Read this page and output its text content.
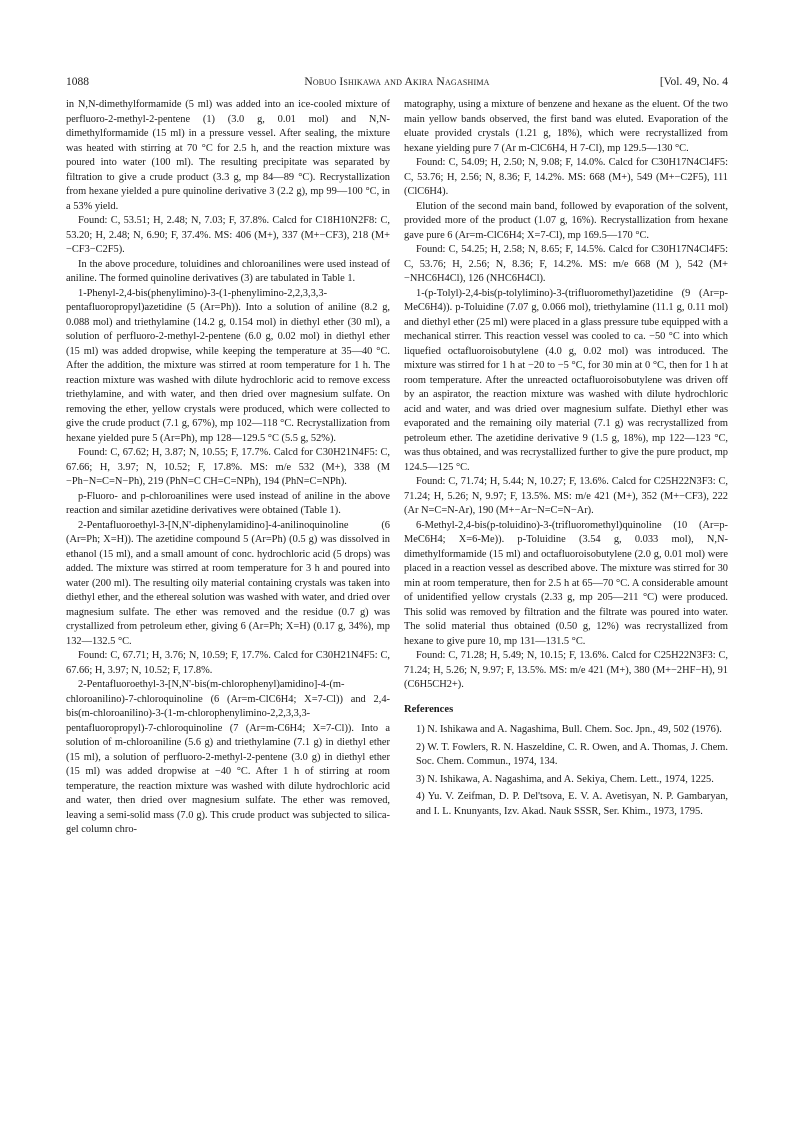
1088	Nobuo Ishikawa and Akira Nagashima	[Vol. 49, No. 4

in N,N-dimethylformamide (5 ml) was added into an ice-cooled mixture of perfluoro-2-methyl-2-pentene (1) (3.0 g, 0.01 mol) and N,N-dimethylformamide (15 ml) in a pressure vessel. After sealing, the mixture was heated with stirring at 70 °C for 2.5 h, and the reaction mixture was poured into water (100 ml). The resulting precipitate was separated by filtration to give a crude product (3.3 g, mp 84—89 °C). Recrystallization from hexane yielded a pure quinoline derivative 3 (2.2 g), mp 99—100 °C, in a 53% yield.

Found: C, 53.51; H, 2.48; N, 7.03; F, 37.8%. Calcd for C18H10N2F8: C, 53.20; H, 2.48; N, 6.90; F, 37.4%. MS: 406 (M+), 337 (M+−CF3), 218 (M+−CF3−C2F5).

In the above procedure, toluidines and chloroanilines were used instead of aniline. The formed quinoline derivatives (3) are tabulated in Table 1.

1-Phenyl-2,4-bis(phenylimino)-3-(1-phenylimino-2,2,3,3,3-pentafluoropropyl)azetidine (5 (Ar=Ph)). Into a solution of aniline (8.2 g, 0.088 mol) and triethylamine (14.2 g, 0.154 mol) in diethyl ether (30 ml), a solution of perfluoro-2-methyl-2-pentene (6.0 g, 0.02 mol) in diethyl ether (15 ml) was added dropwise, while keeping the temperature at 35—40 °C. After the addition, the mixture was stirred at room temperature for 1 h. The reaction mixture was washed with dilute hydrochloric acid to remove excess triethylamine, and with water, and then dried over magnesium sulfate. On removing the ether, yellow crystals were produced, which were collected to give the crude product (7.1 g, 67%), mp 102—118 °C. Recrystallization from hexane yielded pure 5 (Ar=Ph), mp 128—129.5 °C (5.5 g, 52%).

Found: C, 67.62; H, 3.87; N, 10.55; F, 17.7%. Calcd for C30H21N4F5: C, 67.66; H, 3.97; N, 10.52; F, 17.8%. MS: m/e 532 (M+), 338 (M −Ph−N=C=N−Ph), 219 (PhN=C CH=C=NPh), 194 (PhN=C=NPh).

p-Fluoro- and p-chloroanilines were used instead of aniline in the above reaction and similar azetidine derivatives were obtained (Table 1).

2-Pentafluoroethyl-3-[N,N'-diphenylamidino]-4-anilinoquinoline (6 (Ar=Ph; X=H)). The azetidine compound 5 (Ar=Ph) (0.5 g) was dissolved in ethanol (15 ml), and a small amount of conc. hydrochloric acid (5 drops) was added. The mixture was stirred at room temperature for 3 h and poured into water (200 ml). The resulting oily material containing crystals was taken into diethyl ether, and the ethereal solution was washed with water, and dried over magnesium sulfate. The ether was removed and the residue (0.7 g) was crystallized from petroleum ether, giving 6 (Ar=Ph; X=H) (0.17 g, 34%), mp 132—132.5 °C.

Found: C, 67.71; H, 3.76; N, 10.59; F, 17.7%. Calcd for C30H21N4F5: C, 67.66; H, 3.97; N, 10.52; F, 17.8%.

2-Pentafluoroethyl-3-[N,N'-bis(m-chlorophenyl)amidino]-4-(m-chloroanilino)-7-chloroquinoline (6 (Ar=m-ClC6H4; X=7-Cl)) and 2,4-bis(m-chloroanilino)-3-(1-m-chlorophenylimino-2,2,3,3,3-pentafluoropropyl)-7-chloroquinoline (7 (Ar=m-C6H4; X=7-Cl)). Into a solution of m-chloroaniline (5.6 g) and triethylamine (7.1 g) in diethyl ether (15 ml), a solution of perfluoro-2-methyl-2-pentene (3.0 g) in diethyl ether (15 ml) was added dropwise at −40 °C. After 1 h of stirring at room temperature, the reaction mixture was washed with dilute hydrochloric acid and water, then dried over magnesium sulfate. The ether was removed, leaving a semi-solid mass (7.0 g). This crude product was subjected to silica-gel column chro-

matography, using a mixture of benzene and hexane as the eluent. Of the two main yellow bands observed, the first band was eluted. Evaporation of the eluate provided crystals (1.21 g, 18%), which were recrystallized from hexane yielding pure 7 (Ar m-ClC6H4, H 7-Cl), mp 129.5—130 °C.

Found: C, 54.09; H, 2.50; N, 9.08; F, 14.0%. Calcd for C30H17N4Cl4F5: C, 53.76; H, 2.56; N, 8.36; F, 14.2%. MS: 668 (M+), 549 (M+−C2F5), 111 (ClC6H4).

Elution of the second main band, followed by evaporation of the solvent, provided more of the product (1.07 g, 16%). Recrystallization from hexane gave pure 6 (Ar=m-ClC6H4; X=7-Cl), mp 169.5—170 °C.

Found: C, 54.25; H, 2.58; N, 8.65; F, 14.5%. Calcd for C30H17N4Cl4F5: C, 53.76; H, 2.56; N, 8.36; F, 14.2%. MS: m/e 668 (M ), 542 (M+−NHC6H4Cl), 126 (NHC6H4Cl).

1-(p-Tolyl)-2,4-bis(p-tolylimino)-3-(trifluoromethyl)azetidine (9 (Ar=p-MeC6H4)). p-Toluidine (7.07 g, 0.066 mol), triethylamine (11.1 g, 0.11 mol) and diethyl ether (25 ml) were placed in a glass pressure tube equipped with a mechanical stirrer. This reaction vessel was cooled to ca. −50 °C into which liquefied octafluoroisobutylene (4.0 g, 0.02 mol) was introduced. The mixture was stirred for 1 h at −20 to −5 °C, for 30 min at 0 °C, then for 1 h at room temperature. After the unreacted octafluoroisobutylene was driven off by an aspirator, the reaction mixture was washed with dilute hydrochloric acid and water, and was dried over magnesium sulfate. Diethyl ether was evaporated and the remaining oily material (7.1 g) was recrystallized from petroleum ether. The azetidine derivative 9 (1.5 g, 18%), mp 122—123 °C, was thus obtained, and was recrystallized further to give the pure product, mp 124.5—125 °C.

Found: C, 71.74; H, 5.44; N, 10.27; F, 13.6%. Calcd for C25H22N3F3: C, 71.24; H, 5.26; N, 9.97; F, 13.5%. MS: m/e 421 (M+), 352 (M+−CF3), 222 (Ar N=C=N-Ar), 190 (M+−Ar−N=C=N−Ar).

6-Methyl-2,4-bis(p-toluidino)-3-(trifluoromethyl)quinoline (10 (Ar=p-MeC6H4; X=6-Me)). p-Toluidine (3.54 g, 0.033 mol), N,N-dimethylformamide (15 ml) and octafluoroisobutylene (2.0 g, 0.01 mol) were placed in a reaction vessel as described above. The mixture was stirred for 30 min at room temperature, then for 2.5 h at 65—70 °C. A considerable amount of unidentified yellow crystals (2.33 g, mp 205—211 °C) were produced. This solid was removed by filtration and the filtrate was poured into water. The solid material thus obtained (0.50 g, 12%) was recrystallized from hexane to give pure 10, mp 131—131.5 °C.

Found: C, 71.28; H, 5.49; N, 10.15; F, 13.6%. Calcd for C25H22N3F3: C, 71.24; H, 5.26; N, 9.97; F, 13.5%. MS: m/e 421 (M+), 380 (M+−2HF−H), 91 (C6H5CH2+).

References

1) N. Ishikawa and A. Nagashima, Bull. Chem. Soc. Jpn., 49, 502 (1976).

2) W. T. Fowlers, R. N. Haszeldine, C. R. Owen, and A. Thomas, J. Chem. Soc. Chem. Commun., 1974, 134.

3) N. Ishikawa, A. Nagashima, and A. Sekiya, Chem. Lett., 1974, 1225.

4) Yu. V. Zeifman, D. P. Del'tsova, E. V. A. Avetisyan, N. P. Gambaryan, and I. L. Knunyants, Izv. Akad. Nauk SSSR, Ser. Khim., 1973, 1795.
